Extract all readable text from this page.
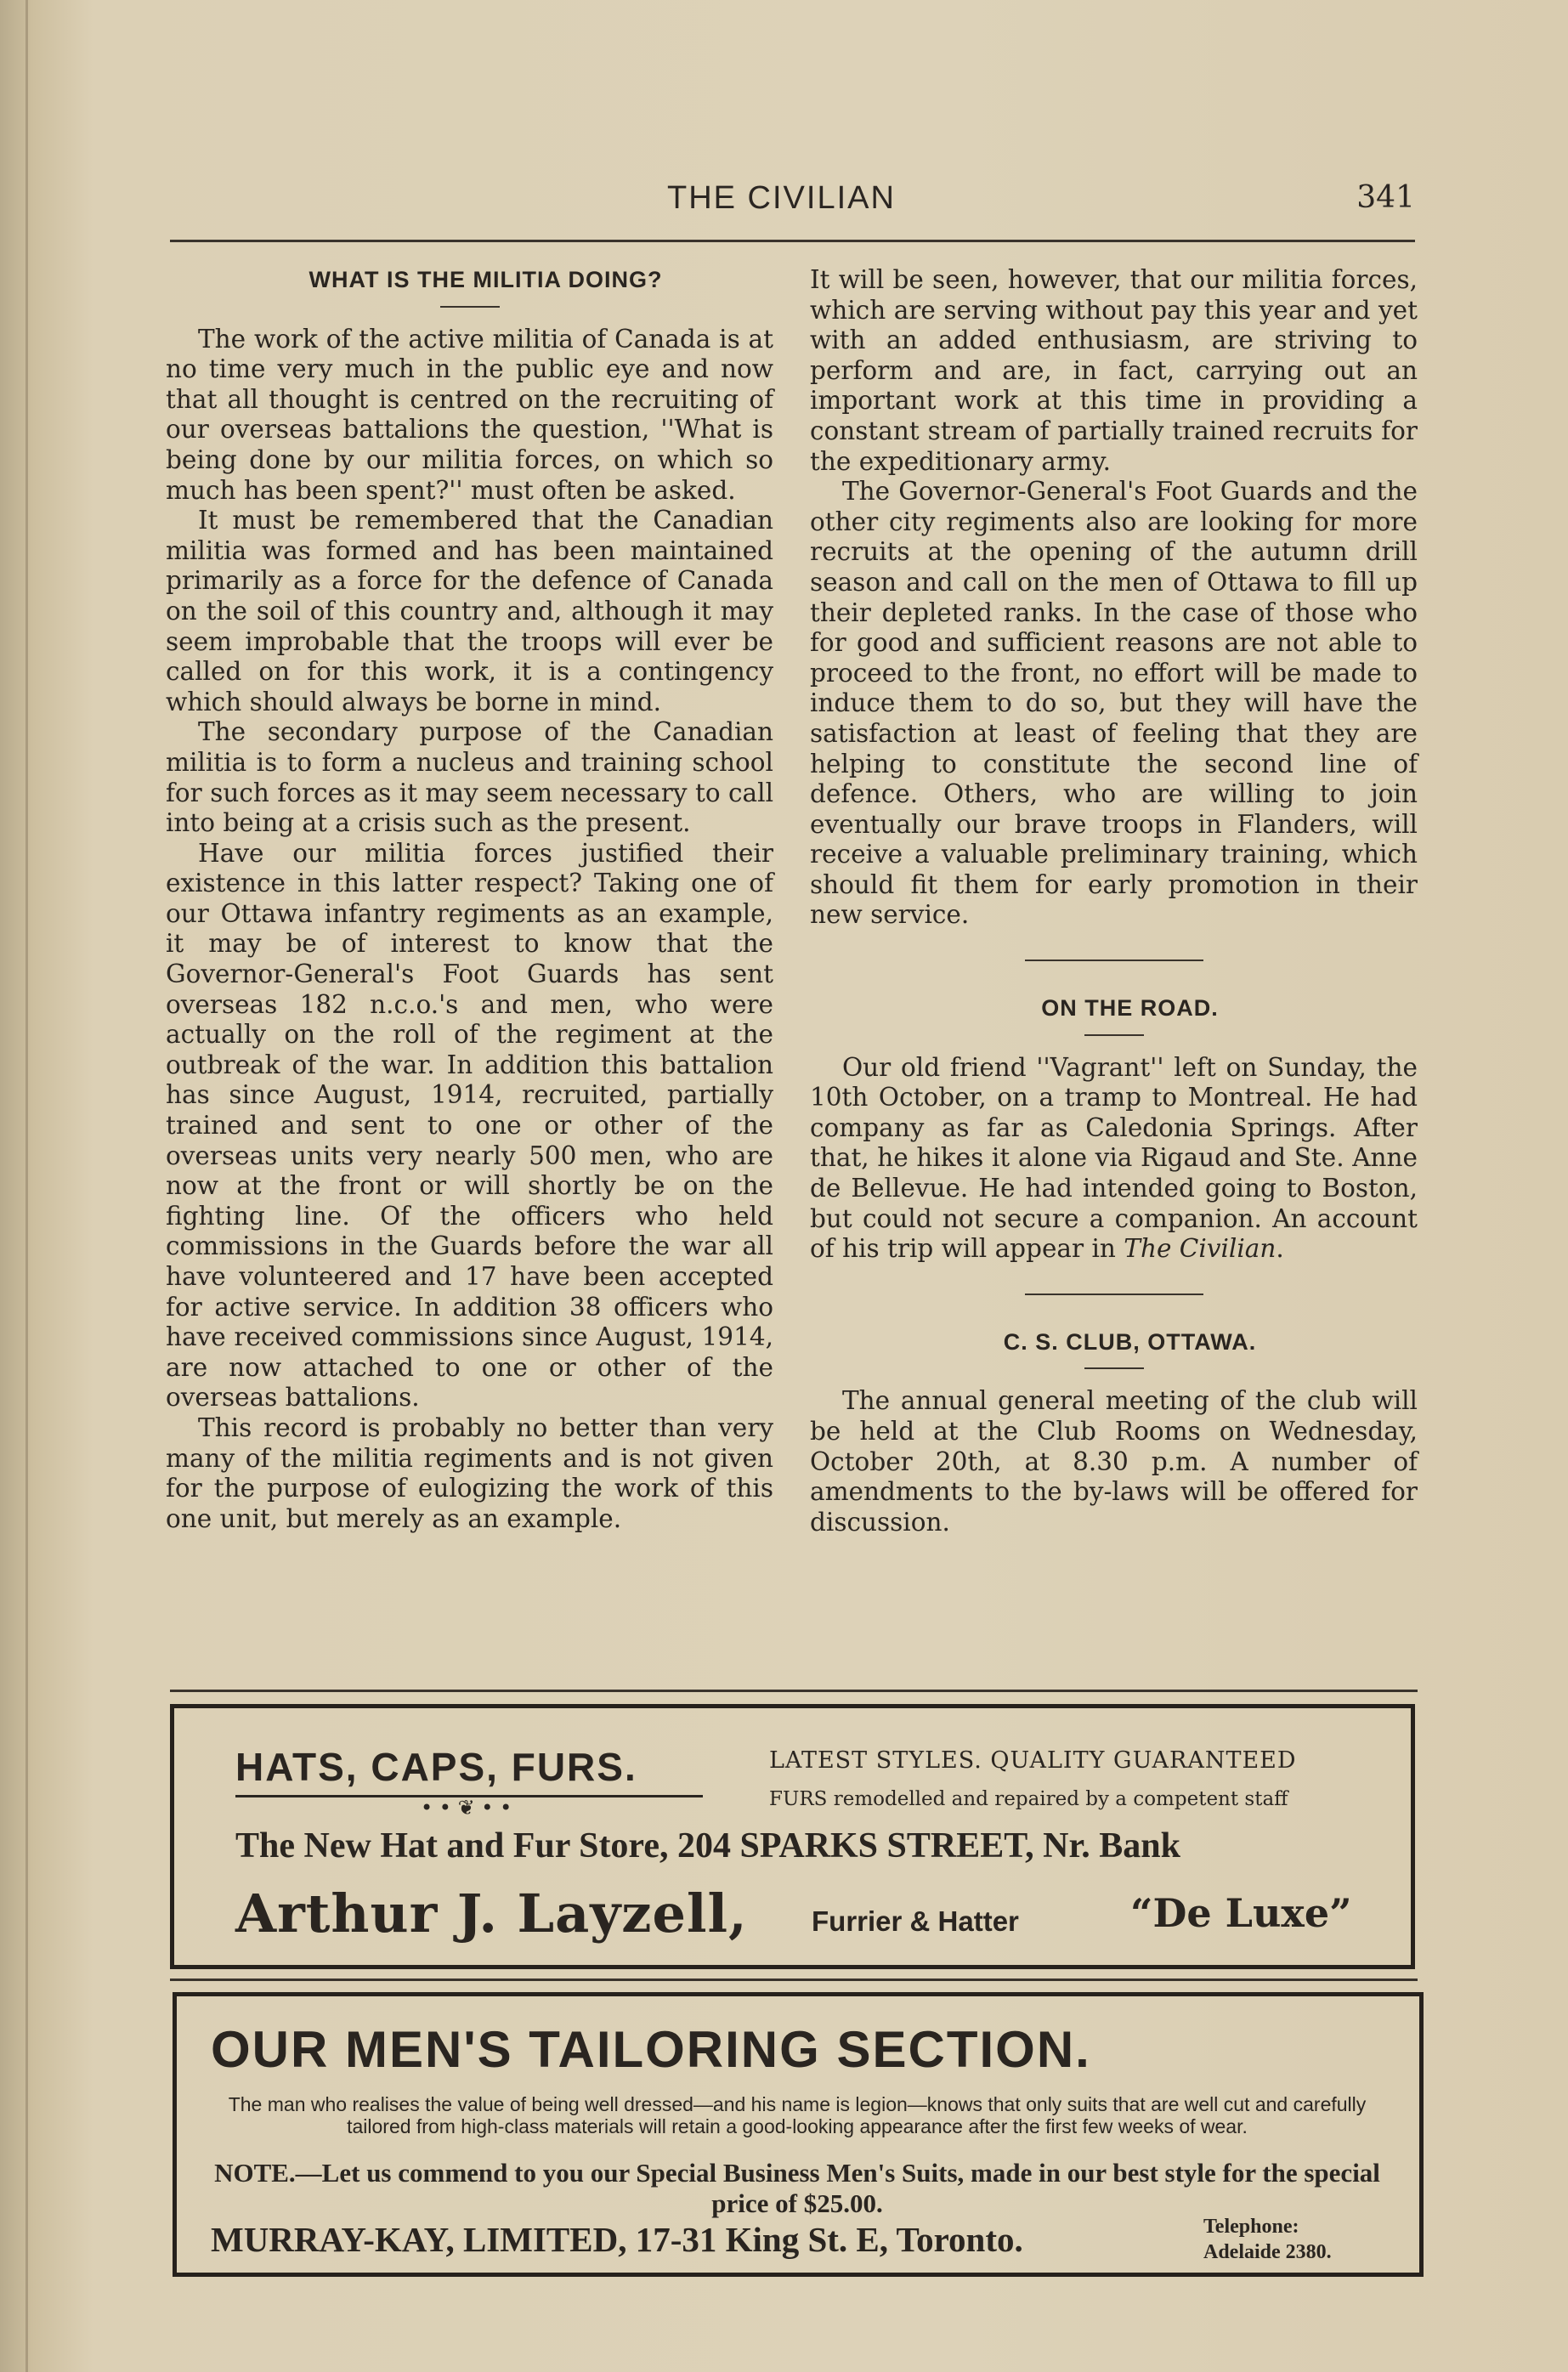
THE CIVILIAN	341

WHAT IS THE MILITIA DOING?

The work of the active militia of Canada is at no time very much in the public eye and now that all thought is centred on the recruiting of our overseas battalions the question, ''What is being done by our militia forces, on which so much has been spent?'' must often be asked.

It must be remembered that the Canadian militia was formed and has been maintained primarily as a force for the defence of Canada on the soil of this country and, although it may seem improbable that the troops will ever be called on for this work, it is a contingency which should always be borne in mind.

The secondary purpose of the Canadian militia is to form a nucleus and training school for such forces as it may seem necessary to call into being at a crisis such as the present.

Have our militia forces justified their existence in this latter respect? Taking one of our Ottawa infantry regiments as an example, it may be of interest to know that the Governor-General's Foot Guards has sent overseas 182 n.c.o.'s and men, who were actually on the roll of the regiment at the outbreak of the war. In addition this battalion has since August, 1914, recruited, partially trained and sent to one or other of the overseas units very nearly 500 men, who are now at the front or will shortly be on the fighting line. Of the officers who held commissions in the Guards before the war all have volunteered and 17 have been accepted for active service. In addition 38 officers who have received commissions since August, 1914, are now attached to one or other of the overseas battalions.

This record is probably no better than very many of the militia regiments and is not given for the purpose of eulogizing the work of this one unit, but merely as an example.

It will be seen, however, that our militia forces, which are serving without pay this year and yet with an added enthusiasm, are striving to perform and are, in fact, carrying out an important work at this time in providing a constant stream of partially trained recruits for the expeditionary army.

The Governor-General's Foot Guards and the other city regiments also are looking for more recruits at the opening of the autumn drill season and call on the men of Ottawa to fill up their depleted ranks. In the case of those who for good and sufficient reasons are not able to proceed to the front, no effort will be made to induce them to do so, but they will have the satisfaction at least of feeling that they are helping to constitute the second line of defence. Others, who are willing to join eventually our brave troops in Flanders, will receive a valuable preliminary training, which should fit them for early promotion in their new service.

ON THE ROAD.

Our old friend ''Vagrant'' left on Sunday, the 10th October, on a tramp to Montreal. He had company as far as Caledonia Springs. After that, he hikes it alone via Rigaud and Ste. Anne de Bellevue. He had intended going to Boston, but could not secure a companion. An account of his trip will appear in The Civilian.

C. S. CLUB, OTTAWA.

The annual general meeting of the club will be held at the Club Rooms on Wednesday, October 20th, at 8.30 p.m. A number of amendments to the by-laws will be offered for discussion.

HATS, CAPS, FURS.
• • ❦ • •
LATEST STYLES. QUALITY GUARANTEED
FURS remodelled and repaired by a competent staff
The New Hat and Fur Store, 204 SPARKS STREET, Nr. Bank
Arthur J. Layzell, Furrier & Hatter	“De Luxe”
OUR MEN'S TAILORING SECTION.
The man who realises the value of being well dressed—and his name is legion—knows that only suits that are well cut and carefully tailored from high-class materials will retain a good-looking appearance after the first few weeks of wear.
NOTE.—Let us commend to you our Special Business Men's Suits, made in our best style for the special price of $25.00.
MURRAY-KAY, LIMITED, 17-31 King St. E, Toronto.	Telephone:
Adelaide 2380.
